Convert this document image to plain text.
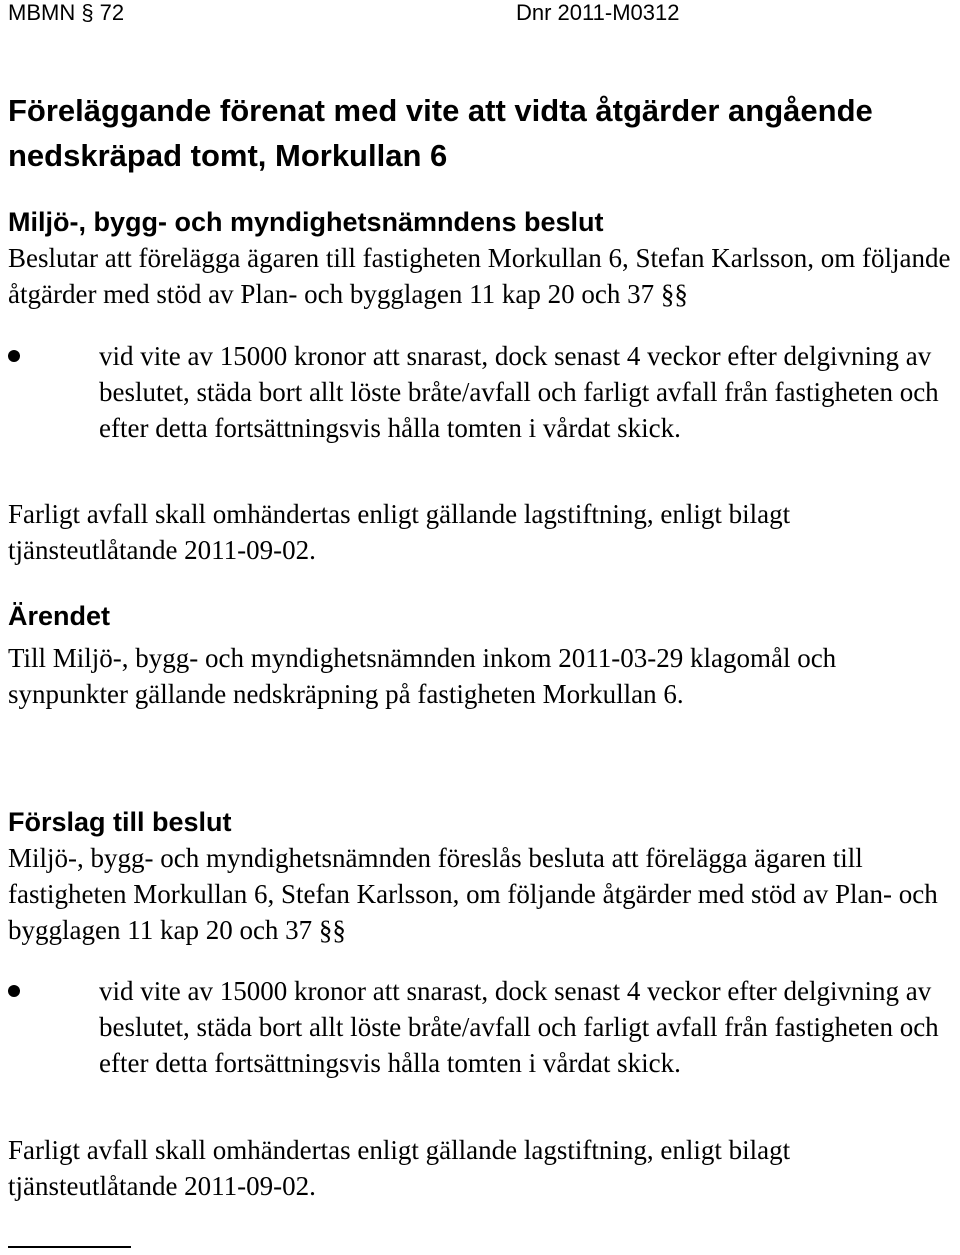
MBMN § 72	Dnr 2011-M0312
Föreläggande förenat med vite att vidta åtgärder angående nedskräpad tomt, Morkullan 6
Miljö-, bygg- och myndighetsnämndens beslut

Beslutar att förelägga ägaren till fastigheten Morkullan 6, Stefan Karlsson, om följande åtgärder med stöd av Plan- och bygglagen 11 kap 20 och 37 §§

vid vite av 15000 kronor att snarast, dock senast 4 veckor efter delgivning av beslutet, städa bort allt löste bråte/avfall och farligt avfall från fastigheten och efter detta fortsättningsvis hålla tomten i vårdat skick.

Farligt avfall skall omhändertas enligt gällande lagstiftning, enligt bilagt tjänsteutlåtande 2011-09-02.

Ärendet

Till Miljö-, bygg- och myndighetsnämnden inkom 2011-03-29 klagomål och synpunkter gällande nedskräpning på fastigheten Morkullan 6.

Förslag till beslut

Miljö-, bygg- och myndighetsnämnden föreslås besluta att förelägga ägaren till fastigheten Morkullan 6, Stefan Karlsson, om följande åtgärder med stöd av Plan- och bygglagen 11 kap 20 och 37 §§

vid vite av 15000 kronor att snarast, dock senast 4 veckor efter delgivning av beslutet, städa bort allt löste bråte/avfall och farligt avfall från fastigheten och efter detta fortsättningsvis hålla tomten i vårdat skick.

Farligt avfall skall omhändertas enligt gällande lagstiftning, enligt bilagt tjänsteutlåtande 2011-09-02.
